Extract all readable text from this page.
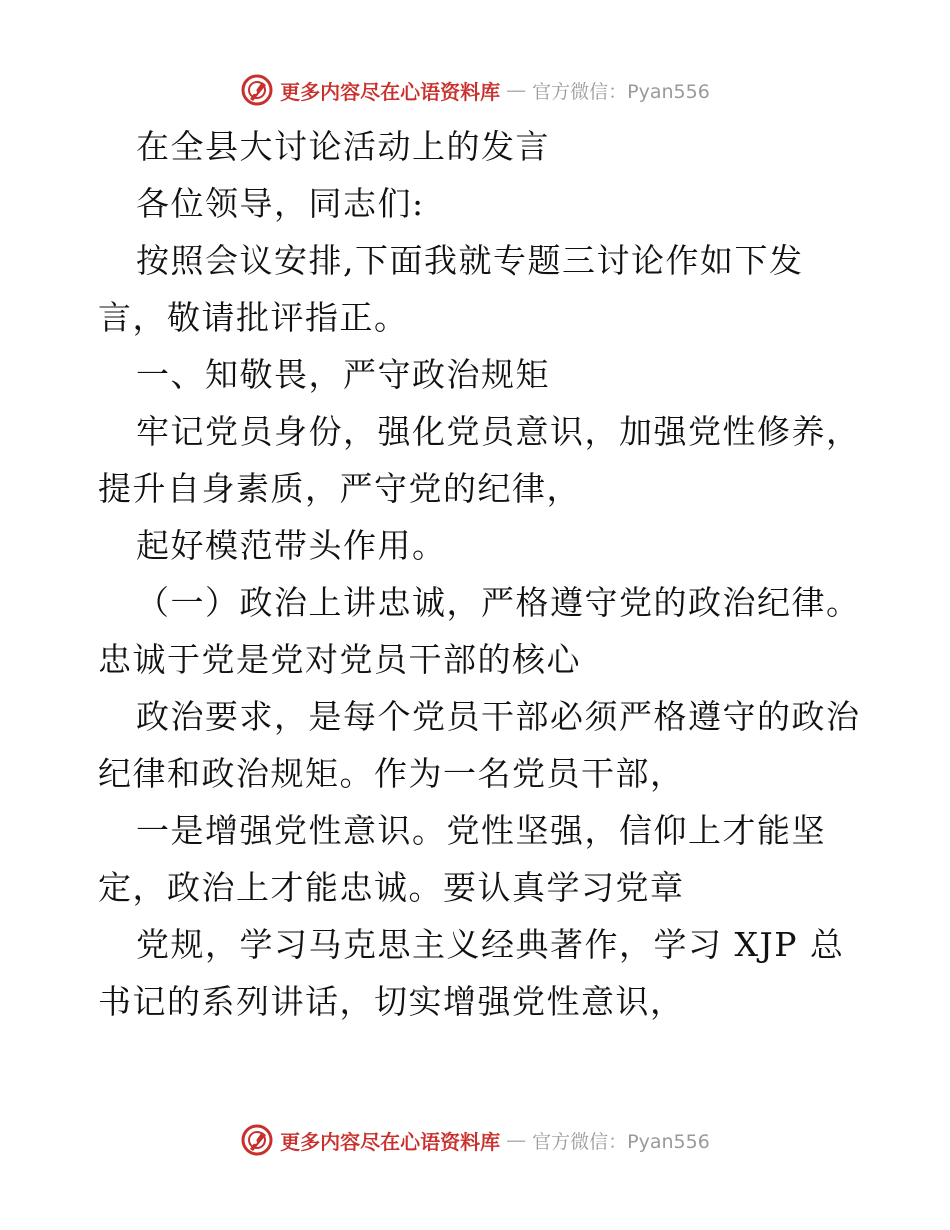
更多内容尽在心语资料库 — 官方微信：Pyan556
在全县大讨论活动上的发言
各位领导，同志们:
按照会议安排,下面我就专题三讨论作如下发
言，敬请批评指正。
一、知敬畏，严守政治规矩
牢记党员身份，强化党员意识，加强党性修养，
提升自身素质，严守党的纪律，
起好模范带头作用。
（一）政治上讲忠诚，严格遵守党的政治纪律。
忠诚于党是党对党员干部的核心
政治要求，是每个党员干部必须严格遵守的政治
纪律和政治规矩。作为一名党员干部，
一是增强党性意识。党性坚强，信仰上才能坚
定，政治上才能忠诚。要认真学习党章
党规，学习马克思主义经典著作，学习 XJP 总
书记的系列讲话，切实增强党性意识，
更多内容尽在心语资料库 — 官方微信：Pyan556
